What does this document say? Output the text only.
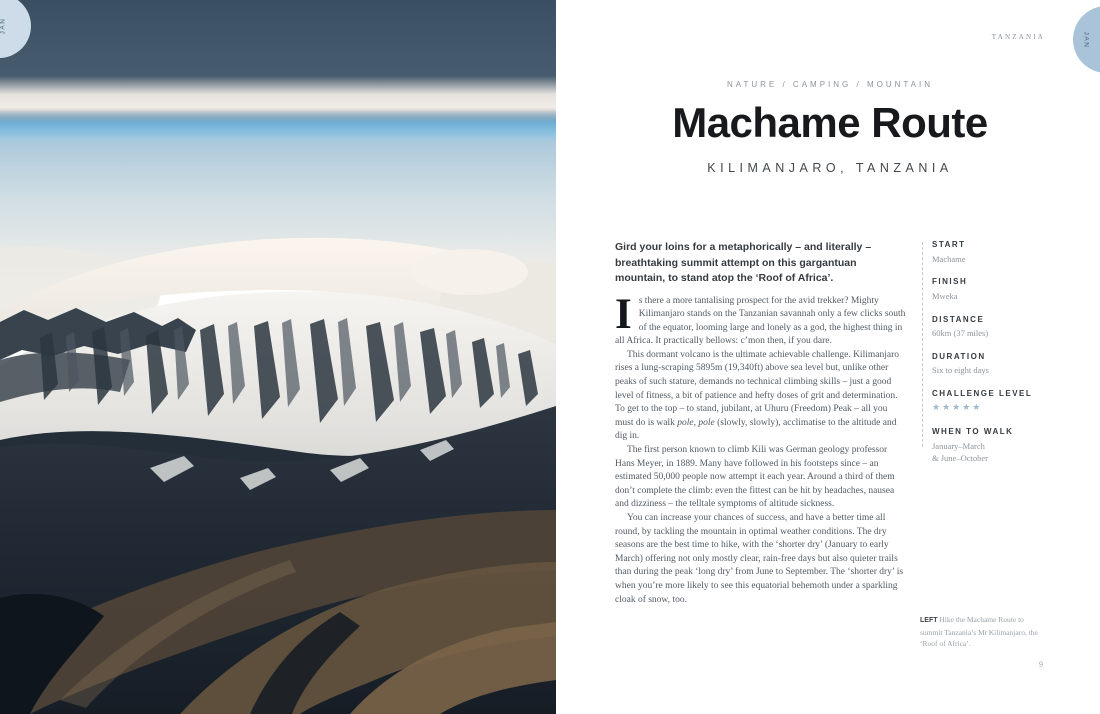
JAN
TANZANIA	JAN
NATURE / CAMPING / MOUNTAIN
Machame Route
KILIMANJARO, TANZANIA
Gird your loins for a metaphorically – and literally – breathtaking summit attempt on this gargantuan mountain, to stand atop the ‘Roof of Africa’.

Is there a more tantalising prospect for the avid trekker? Mighty Kilimanjaro stands on the Tanzanian savannah only a few clicks south of the equator, looming large and lonely as a god, the highest thing in all Africa. It practically bellows: c’mon then, if you dare.

This dormant volcano is the ultimate achievable challenge. Kilimanjaro rises a lung-scraping 5895m (19,340ft) above sea level but, unlike other peaks of such stature, demands no technical climbing skills – just a good level of fitness, a bit of patience and hefty doses of grit and determination. To get to the top – to stand, jubilant, at Uhuru (Freedom) Peak – all you must do is walk pole, pole (slowly, slowly), acclimatise to the altitude and dig in.

The first person known to climb Kili was German geology professor Hans Meyer, in 1889. Many have followed in his footsteps since – an estimated 50,000 people now attempt it each year. Around a third of them don’t complete the climb: even the fittest can be hit by headaches, nausea and dizziness – the telltale symptoms of altitude sickness.

You can increase your chances of success, and have a better time all round, by tackling the mountain in optimal weather conditions. The dry seasons are the best time to hike, with the ‘shorter dry’ (January to early March) offering not only mostly clear, rain-free days but also quieter trails than during the peak ‘long dry’ from June to September. The ‘shorter dry’ is when you’re more likely to see this equatorial behemoth under a sparkling cloak of snow, too.

START
Machame
FINISH
Mweka
DISTANCE
60km (37 miles)
DURATION
Six to eight days
CHALLENGE LEVEL
★★★★★
WHEN TO WALK
January–March
& June–October
LEFT Hike the Machame Route to summit Tanzania’s Mt Kilimanjaro, the ‘Roof of Africa’.
9
